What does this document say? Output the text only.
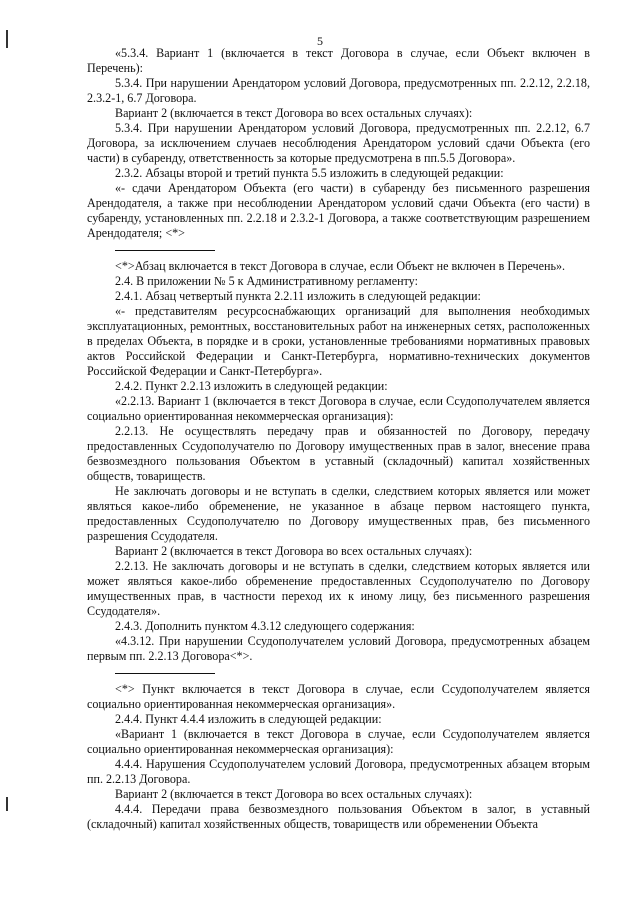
5

«5.3.4. Вариант 1 (включается в текст Договора в случае, если Объект включен в Перечень):

5.3.4. При нарушении Арендатором условий Договора, предусмотренных пп. 2.2.12, 2.2.18, 2.3.2-1, 6.7 Договора.

Вариант 2 (включается в текст Договора во всех остальных случаях):

5.3.4. При нарушении Арендатором условий Договора, предусмотренных пп. 2.2.12, 6.7 Договора, за исключением случаев несоблюдения Арендатором условий сдачи Объекта (его части) в субаренду, ответственность за которые предусмотрена в пп.5.5 Договора».

2.3.2. Абзацы второй и третий пункта 5.5 изложить в следующей редакции:

«- сдачи Арендатором Объекта (его части) в субаренду без письменного разрешения Арендодателя, а также при несоблюдении Арендатором условий сдачи Объекта (его части) в субаренду, установленных пп. 2.2.18 и 2.3.2-1 Договора, а также соответствующим разрешением Арендодателя; <*>

<*>Абзац включается в текст Договора в случае, если Объект не включен в Перечень».

2.4. В приложении № 5 к Административному регламенту:

2.4.1. Абзац четвертый пункта 2.2.11 изложить в следующей редакции:

«- представителям ресурсоснабжающих организаций для выполнения необходимых эксплуатационных, ремонтных, восстановительных работ на инженерных сетях, расположенных в пределах Объекта, в порядке и в сроки, установленные требованиями нормативных правовых актов Российской Федерации и Санкт-Петербурга, нормативно-технических документов Российской Федерации и Санкт-Петербурга».

2.4.2. Пункт 2.2.13 изложить в следующей редакции:

«2.2.13. Вариант 1 (включается в текст Договора в случае, если Ссудополучателем является социально ориентированная некоммерческая организация):

2.2.13. Не осуществлять передачу прав и обязанностей по Договору, передачу предоставленных Ссудополучателю по Договору имущественных прав в залог, внесение права безвозмездного пользования Объектом в уставный (складочный) капитал хозяйственных обществ, товариществ.

Не заключать договоры и не вступать в сделки, следствием которых является или может являться какое-либо обременение, не указанное в абзаце первом настоящего пункта, предоставленных Ссудополучателю по Договору имущественных прав, без письменного разрешения Ссудодателя.

Вариант 2 (включается в текст Договора во всех остальных случаях):

2.2.13. Не заключать договоры и не вступать в сделки, следствием которых является или может являться какое-либо обременение предоставленных Ссудополучателю по Договору имущественных прав, в частности переход их к иному лицу, без письменного разрешения Ссудодателя».

2.4.3. Дополнить пунктом 4.3.12 следующего содержания:

«4.3.12. При нарушении Ссудополучателем условий Договора, предусмотренных абзацем первым пп. 2.2.13 Договора<*>.

<*> Пункт включается в текст Договора в случае, если Ссудополучателем является социально ориентированная некоммерческая организация».

2.4.4. Пункт 4.4.4 изложить в следующей редакции:

«Вариант 1 (включается в текст Договора в случае, если Ссудополучателем является социально ориентированная некоммерческая организация):

4.4.4. Нарушения Ссудополучателем условий Договора, предусмотренных абзацем вторым пп. 2.2.13 Договора.

Вариант 2 (включается в текст Договора во всех остальных случаях):

4.4.4. Передачи права безвозмездного пользования Объектом в залог, в уставный (складочный) капитал хозяйственных обществ, товариществ или обременении Объекта
